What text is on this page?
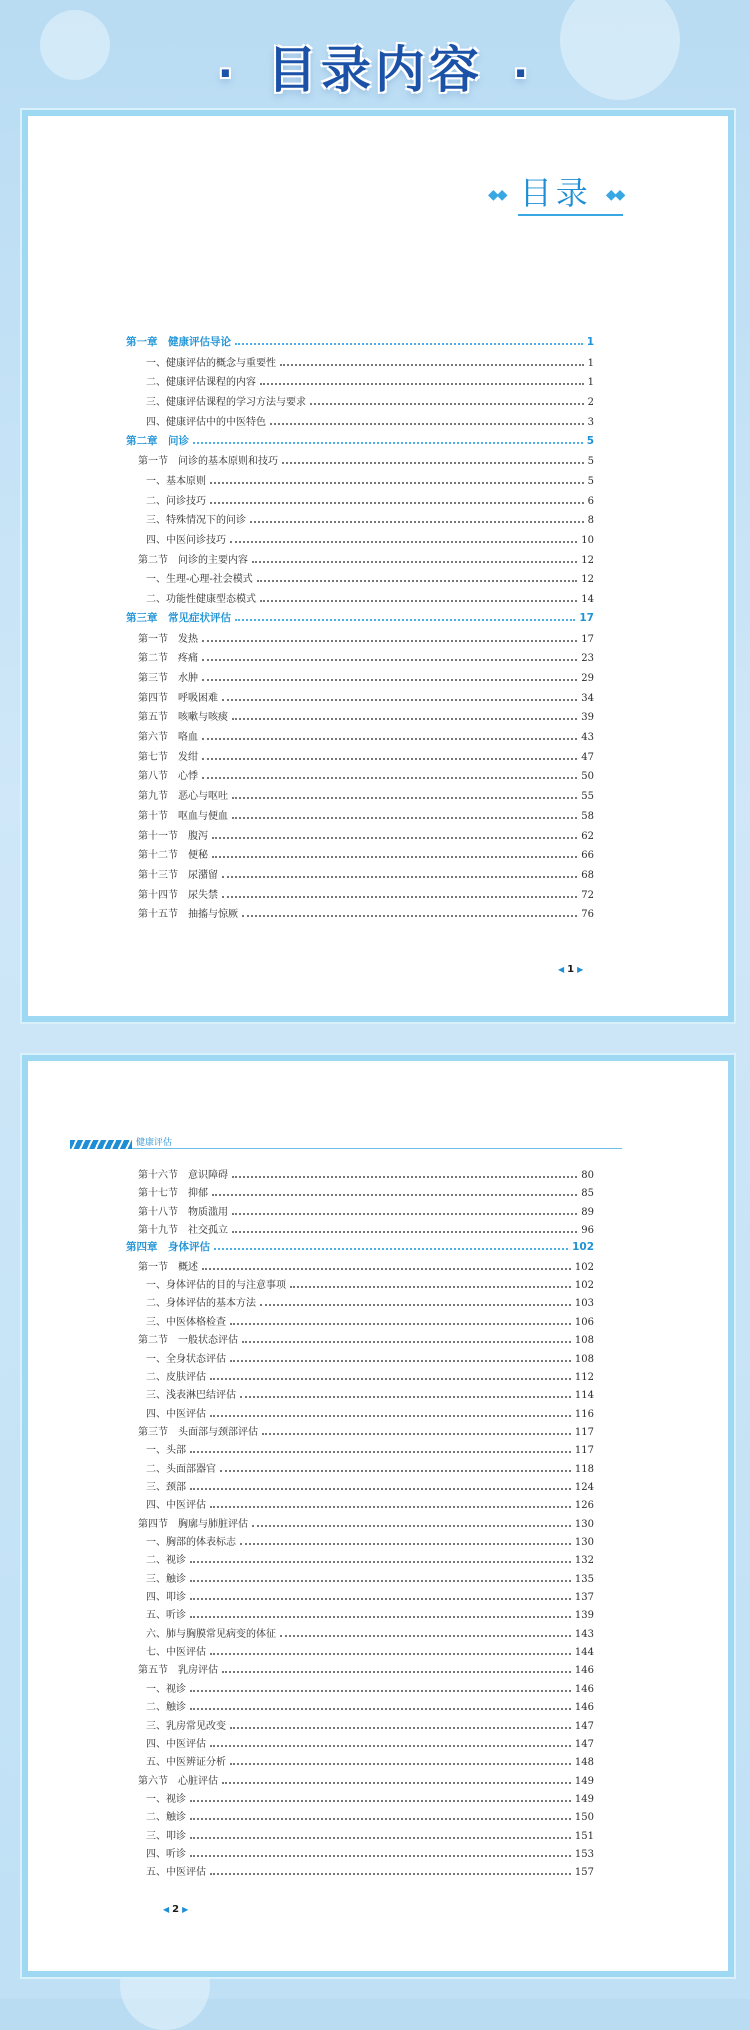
· 目录内容 ·
◆◆ 目录 ◆◆
第一章　健康评估导论	1
一、健康评估的概念与重要性	1
二、健康评估课程的内容	1
三、健康评估课程的学习方法与要求	2
四、健康评估中的中医特色	3
第二章　问诊	5
第一节　问诊的基本原则和技巧	5
一、基本原则	5
二、问诊技巧	6
三、特殊情况下的问诊	8
四、中医问诊技巧	10
第二节　问诊的主要内容	12
一、生理-心理-社会模式	12
二、功能性健康型态模式	14
第三章　常见症状评估	17
第一节　发热	17
第二节　疼痛	23
第三节　水肿	29
第四节　呼吸困难	34
第五节　咳嗽与咳痰	39
第六节　咯血	43
第七节　发绀	47
第八节　心悸	50
第九节　恶心与呕吐	55
第十节　呕血与便血	58
第十一节　腹泻	62
第十二节　便秘	66
第十三节　尿潴留	68
第十四节　尿失禁	72
第十五节　抽搐与惊厥	76
◀ 1 ▶
健康评估
第十六节　意识障碍	80
第十七节　抑郁	85
第十八节　物质滥用	89
第十九节　社交孤立	96
第四章　身体评估	102
第一节　概述	102
一、身体评估的目的与注意事项	102
二、身体评估的基本方法	103
三、中医体格检查	106
第二节　一般状态评估	108
一、全身状态评估	108
二、皮肤评估	112
三、浅表淋巴结评估	114
四、中医评估	116
第三节　头面部与颈部评估	117
一、头部	117
二、头面部器官	118
三、颈部	124
四、中医评估	126
第四节　胸廓与肺脏评估	130
一、胸部的体表标志	130
二、视诊	132
三、触诊	135
四、叩诊	137
五、听诊	139
六、肺与胸膜常见病变的体征	143
七、中医评估	144
第五节　乳房评估	146
一、视诊	146
二、触诊	146
三、乳房常见改变	147
四、中医评估	147
五、中医辨证分析	148
第六节　心脏评估	149
一、视诊	149
二、触诊	150
三、叩诊	151
四、听诊	153
五、中医评估	157
◀ 2 ▶
